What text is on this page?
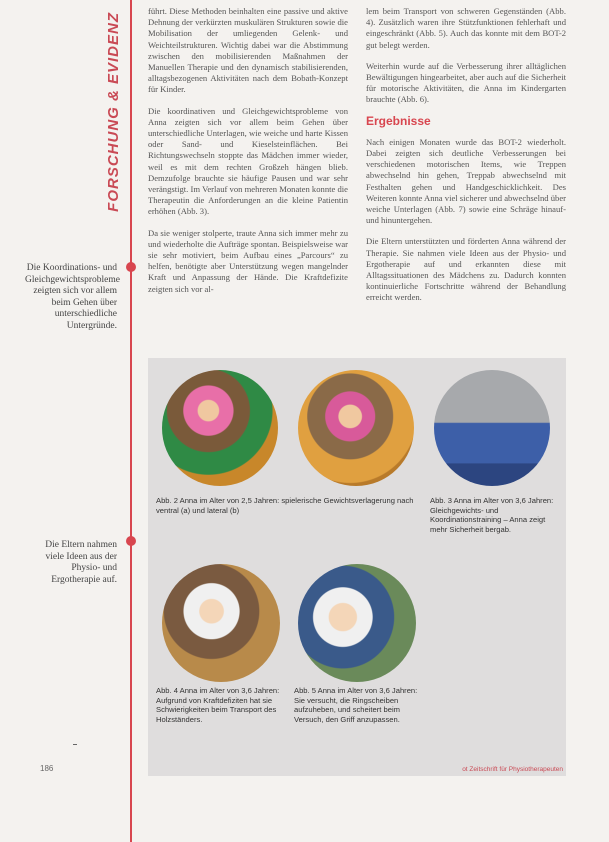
FORSCHUNG & EVIDENZ
Die Koordinations- und Gleichgewichtsprobleme zeigten sich vor allem beim Gehen über unterschiedliche Untergründe.
Die Eltern nahmen viele Ideen aus der Physio- und Ergotherapie auf.

führt. Diese Methoden beinhalten eine passive und aktive Dehnung der verkürzten muskulären Strukturen sowie die Mobilisation der umliegenden Gelenk- und Weichteilstrukturen. Wichtig dabei war die Abstimmung zwischen den mobilisierenden Maßnahmen der Manuellen Therapie und den dynamisch stabilisierenden, alltagsbezogenen Aktivitäten nach dem Bobath-Konzept für Kinder.

Die koordinativen und Gleichgewichtsprobleme von Anna zeigten sich vor allem beim Gehen über unterschiedliche Unterlagen, wie weiche und harte Kissen oder Sand- und Kieselsteinflächen. Bei Richtungswechseln stoppte das Mädchen immer wieder, weil es mit dem rechten Großzeh hängen blieb. Demzufolge brauchte sie häufige Pausen und war sehr verängstigt. Im Verlauf von mehreren Monaten konnte die Therapeutin die Anforderungen an die kleine Patientin erhöhen (Abb. 3).

Da sie weniger stolperte, traute Anna sich immer mehr zu und wiederholte die Aufträge spontan. Beispielsweise war sie sehr motiviert, beim Aufbau eines „Parcours“ zu helfen, benötigte aber Unterstützung wegen mangelnder Kraft und Anpassung der Hände. Die Kraftdefizite zeigten sich vor al-

lem beim Transport von schweren Gegenständen (Abb. 4). Zusätzlich waren ihre Stützfunktionen fehlerhaft und eingeschränkt (Abb. 5). Auch das konnte mit dem BOT-2 gut belegt werden.

Weiterhin wurde auf die Verbesserung ihrer alltäglichen Bewältigungen hingearbeitet, aber auch auf die Sicherheit für motorische Aktivitäten, die Anna im Kindergarten brauchte (Abb. 6).

Ergebnisse

Nach einigen Monaten wurde das BOT-2 wiederholt. Dabei zeigten sich deutliche Verbesserungen bei verschiedenen motorischen Items, wie Treppen abwechselnd hin gehen, Treppab abwechselnd mit Festhalten gehen und Handgeschicklichkeit. Des Weiteren konnte Anna viel sicherer und abwechselnd über weiche Unterlagen (Abb. 7) sowie eine Schräge hinauf- und hinuntergehen.

Die Eltern unterstützten und förderten Anna während der Therapie. Sie nahmen viele Ideen aus der Physio- und Ergotherapie auf und erkannten diese mit Alltagssituationen des Mädchens zu. Dadurch konnten kontinuierliche Fortschritte während der Behandlung erreicht werden.

Abb. 2 Anna im Alter von 2,5 Jahren: spielerische Gewichtsverlagerung nach ventral (a) und lateral (b)
Abb. 3 Anna im Alter von 3,6 Jahren: Gleichgewichts- und Koordinationstraining – Anna zeigt mehr Sicherheit bergab.
Abb. 4 Anna im Alter von 3,6 Jahren: Aufgrund von Kraftdefiziten hat sie Schwierigkeiten beim Transport des Holzständers.
Abb. 5 Anna im Alter von 3,6 Jahren: Sie versucht, die Ringscheiben aufzuheben, und scheitert beim Versuch, den Griff anzupassen.
186	ot Zeitschrift für Physiotherapeuten
